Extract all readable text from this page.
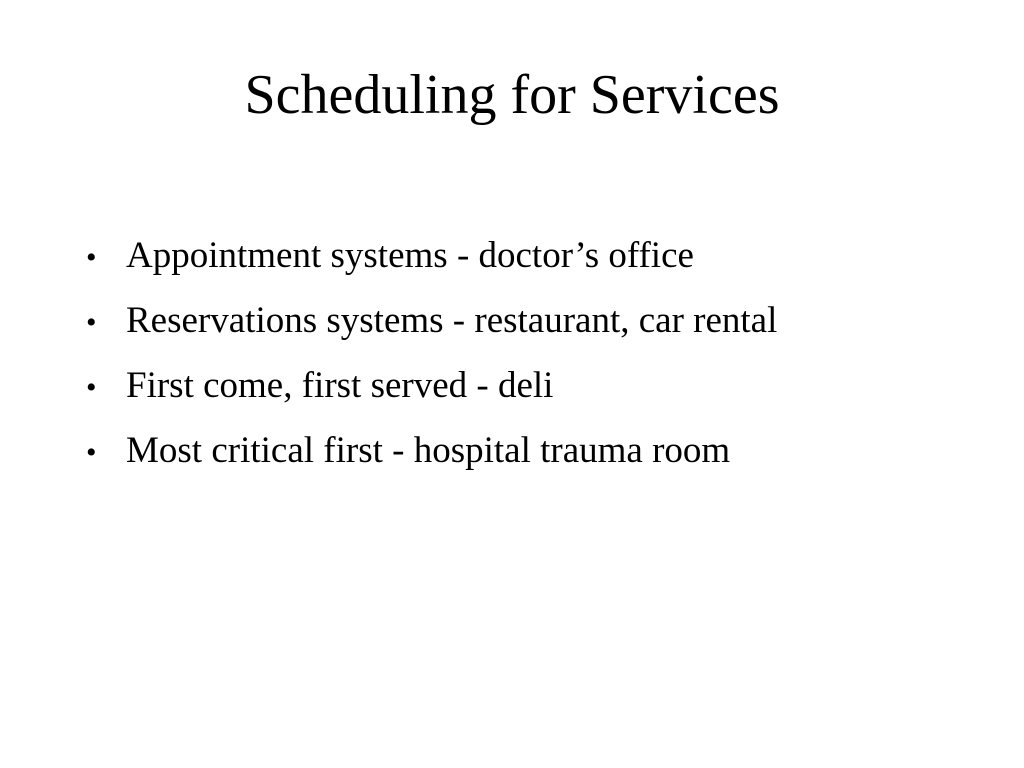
Scheduling for Services
• Appointment systems - doctor’s office
• Reservations systems - restaurant, car rental
• First come, first served - deli
• Most critical first - hospital trauma room
